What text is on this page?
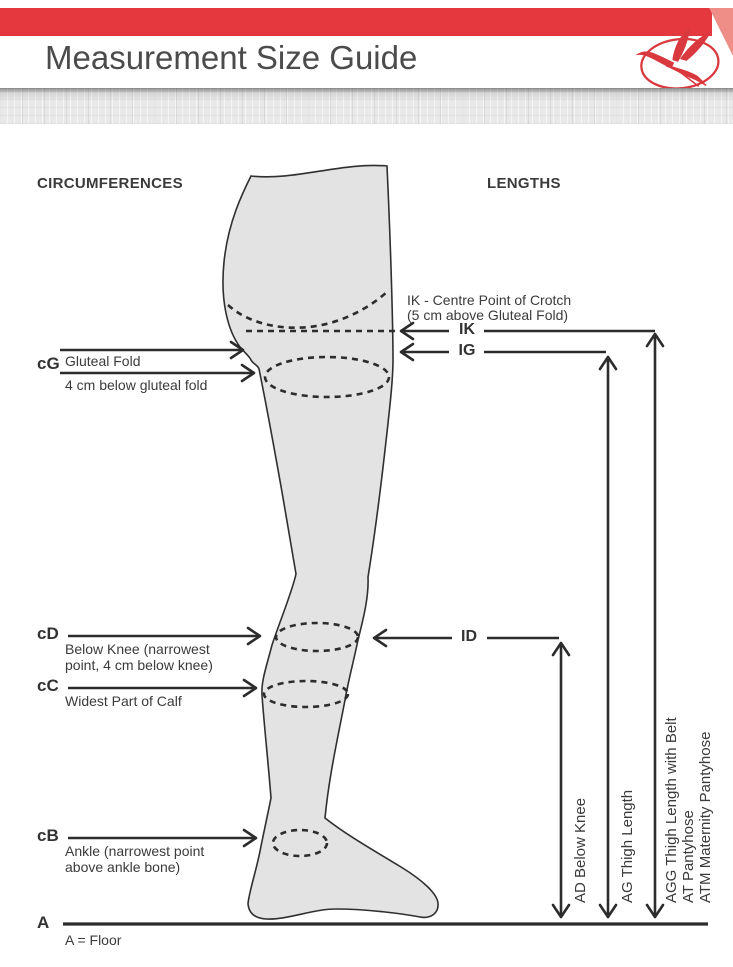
Measurement Size Guide
CIRCUMFERENCES	LENGTHS
cG Gluteal Fold
4 cm below gluteal fold
cD
Below Knee (narrowest
point, 4 cm below knee)
cC
Widest Part of Calf
cB
Ankle (narrowest point
above ankle bone)
A
A = Floor
IK - Centre Point of Crotch
(5 cm above Gluteal Fold)
IK
IG
ID
AD Below Knee AG Thigh Length AGG Thigh Length with Belt AT Pantyhose ATM Maternity Pantyhose
